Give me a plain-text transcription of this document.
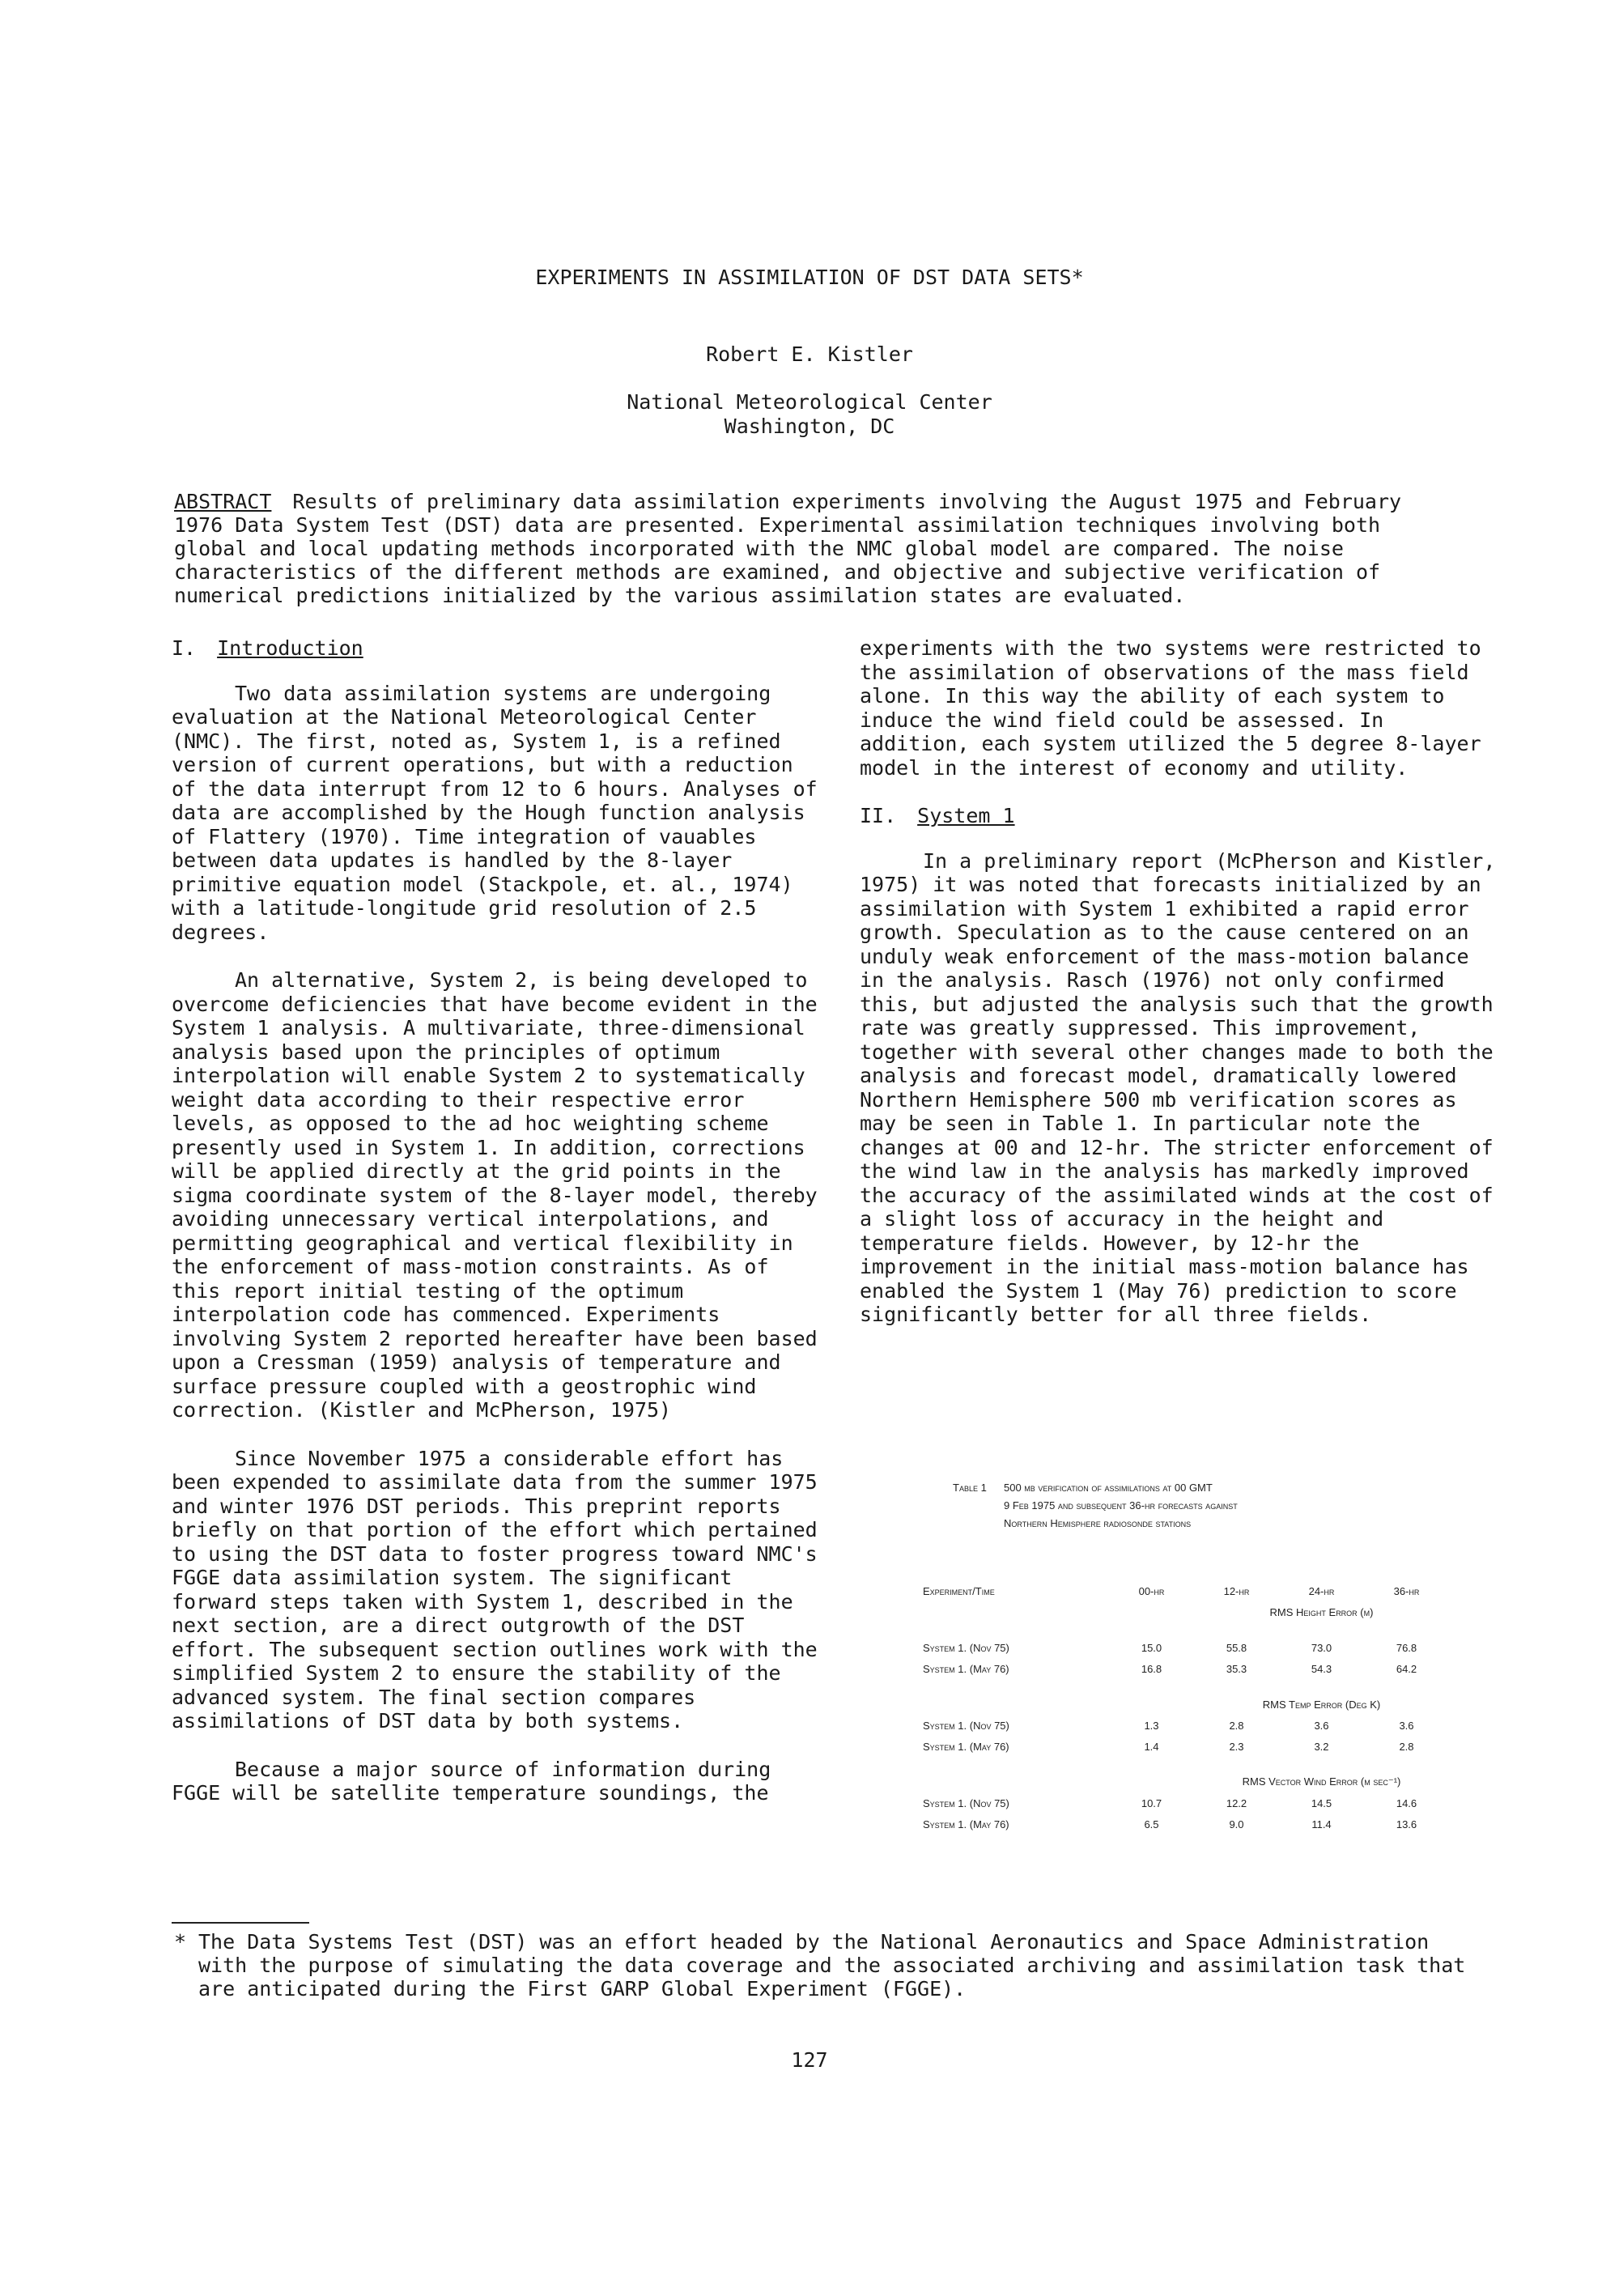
EXPERIMENTS IN ASSIMILATION OF DST DATA SETS*
Robert E. Kistler
National Meteorological Center
Washington, DC
ABSTRACT Results of preliminary data assimilation experiments involving the August 1975 and February 1976 Data System Test (DST) data are presented. Experimental assimilation techniques involving both global and local updating methods incorporated with the NMC global model are compared. The noise characteristics of the different methods are examined, and objective and subjective verification of numerical predictions initialized by the various assimilation states are evaluated.
I. Introduction

Two data assimilation systems are undergoing evaluation at the National Meteorological Center (NMC). The first, noted as, System 1, is a refined version of current operations, but with a reduction of the data interrupt from 12 to 6 hours. Analyses of data are accomplished by the Hough function analysis of Flattery (1970). Time integration of vauables between data updates is handled by the 8-layer primitive equation model (Stackpole, et. al., 1974) with a latitude-longitude grid resolution of 2.5 degrees.

An alternative, System 2, is being developed to overcome deficiencies that have become evident in the System 1 analysis. A multivariate, three-dimensional analysis based upon the principles of optimum interpolation will enable System 2 to systematically weight data according to their respective error levels, as opposed to the ad hoc weighting scheme presently used in System 1. In addition, corrections will be applied directly at the grid points in the sigma coordinate system of the 8-layer model, thereby avoiding unnecessary vertical interpolations, and permitting geographical and vertical flexibility in the enforcement of mass-motion constraints. As of this report initial testing of the optimum interpolation code has commenced. Experiments involving System 2 reported hereafter have been based upon a Cressman (1959) analysis of temperature and surface pressure coupled with a geostrophic wind correction. (Kistler and McPherson, 1975)

Since November 1975 a considerable effort has been expended to assimilate data from the summer 1975 and winter 1976 DST periods. This preprint reports briefly on that portion of the effort which pertained to using the DST data to foster progress toward NMC's FGGE data assimilation system. The significant forward steps taken with System 1, described in the next section, are a direct outgrowth of the DST effort. The subsequent section outlines work with the simplified System 2 to ensure the stability of the advanced system. The final section compares assimilations of DST data by both systems.

Because a major source of information during FGGE will be satellite temperature soundings, the

experiments with the two systems were restricted to the assimilation of observations of the mass field alone. In this way the ability of each system to induce the wind field could be assessed. In addition, each system utilized the 5 degree 8-layer model in the interest of economy and utility.

II. System 1

In a preliminary report (McPherson and Kistler, 1975) it was noted that forecasts initialized by an assimilation with System 1 exhibited a rapid error growth. Speculation as to the cause centered on an unduly weak enforcement of the mass-motion balance in the analysis. Rasch (1976) not only confirmed this, but adjusted the analysis such that the growth rate was greatly suppressed. This improvement, together with several other changes made to both the analysis and forecast model, dramatically lowered Northern Hemisphere 500 mb verification scores as may be seen in Table 1. In particular note the changes at 00 and 12-hr. The stricter enforcement of the wind law in the analysis has markedly improved the accuracy of the assimilated winds at the cost of a slight loss of accuracy in the height and temperature fields. However, by 12-hr the improvement in the initial mass-motion balance has enabled the System 1 (May 76) prediction to score significantly better for all three fields.

Table 1 500 mb verification of assimilations at 00 GMT
9 Feb 1975 and subsequent 36-hr forecasts against
Northern Hemisphere radiosonde stations
Experiment/Time	00-hr	12-hr	24-hr	36-hr
		RMS Height Error (m)		

System 1. (Nov 75)	15.0	55.8	73.0	76.8
System 1. (May 76)	16.8	35.3	54.3	64.2

		RMS Temp Error (Deg K)		
System 1. (Nov 75)	1.3	2.8	3.6	3.6
System 1. (May 76)	1.4	2.3	3.2	2.8

		RMS Vector Wind Error (m sec⁻¹)		
System 1. (Nov 75)	10.7	12.2	14.5	14.6
System 1. (May 76)	6.5	9.0	11.4	13.6
* The Data Systems Test (DST) was an effort headed by the National Aeronautics and Space Administration with the purpose of simulating the data coverage and the associated archiving and assimilation task that are anticipated during the First GARP Global Experiment (FGGE).
127
